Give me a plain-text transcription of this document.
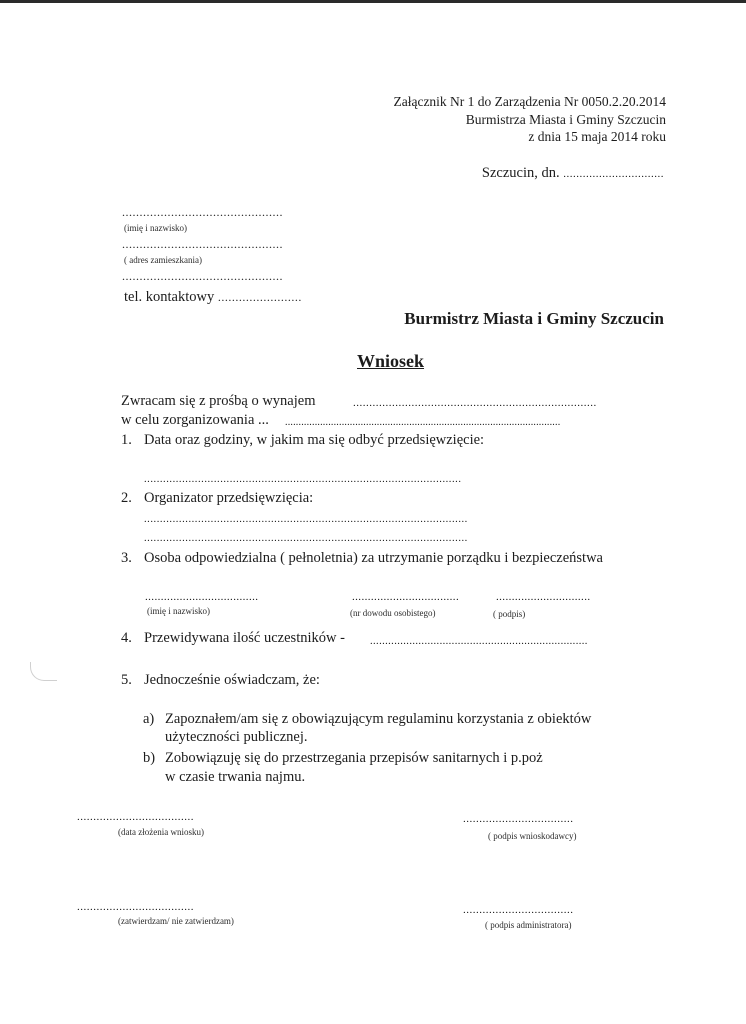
Załącznik Nr 1 do Zarządzenia Nr 0050.2.20.2014
Burmistrza Miasta i Gminy Szczucin
z dnia 15 maja 2014 roku
Szczucin, dn. ...............................
..............................................
(imię i nazwisko)
..............................................
( adres zamieszkania)
..............................................
tel. kontaktowy ........................
Burmistrz Miasta i Gminy Szczucin
Wniosek
Zwracam się z prośbą o wynajem	...........................................................................
w celu zorganizowania ... ......................................................................................................
1. Data oraz godziny, w jakim ma się odbyć przedsięwzięcie:
....................................................................................................
2. Organizator przedsięwzięcia:
......................................................................................................
......................................................................................................
3. Osoba odpowiedzialna ( pełnoletnia) za utrzymanie porządku i bezpieczeństwa
....................................	..................................	..............................
(imię i nazwisko)	(nr dowodu osobistego)	( podpis)
4. Przewidywana ilość uczestników - ........................................................................
5. Jednocześnie oświadczam, że:
a) Zapoznałem/am się z obowiązującym regulaminu korzystania z obiektów
użyteczności publicznej.
b) Zobowiązuję się do przestrzegania przepisów sanitarnych i p.poż
w czasie trwania najmu.
....................................
(data złożenia wniosku)
..................................
( podpis wnioskodawcy)
....................................
(zatwierdzam/ nie zatwierdzam)
..................................
( podpis administratora)
